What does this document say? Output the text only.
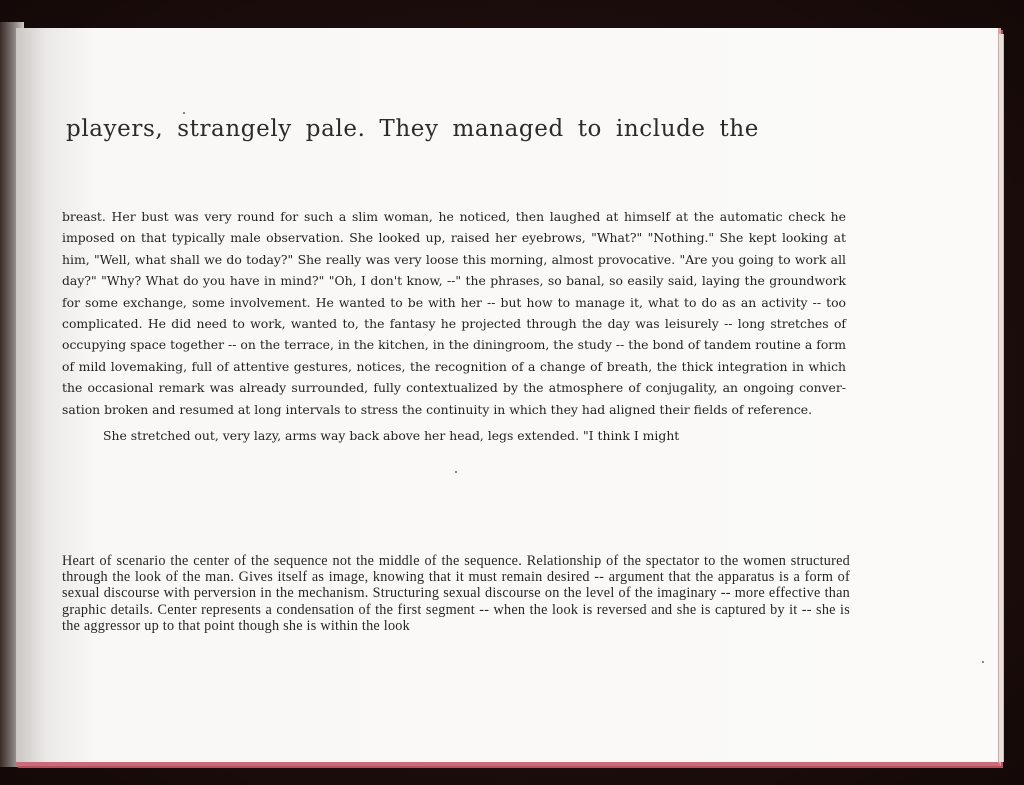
players, strangely pale. They managed to include the

breast. Her bust was very round for such a slim woman, he noticed, then laughed at himself at the automatic check he imposed on that typically male observation. She looked up, raised her eyebrows, "What?" "Nothing." She kept looking at him, "Well, what shall we do today?" She really was very loose this morning, almost provocative. "Are you going to work all day?" "Why? What do you have in mind?" "Oh, I don't know, --" the phrases, so banal, so easily said, laying the groundwork for some exchange, some involvement. He wanted to be with her -- but how to manage it, what to do as an activity -- too complicated. He did need to work, wanted to, the fantasy he projected through the day was leisurely -- long stretches of occupying space together -- on the terrace, in the kitchen, in the diningroom, the study -- the bond of tandem routine a form of mild lovemaking, full of attentive gestures, notices, the recognition of a change of breath, the thick integration in which the occasional remark was already surrounded, fully contextualized by the atmosphere of conjugality, an ongoing conver-sation broken and resumed at long intervals to stress the continuity in which they had aligned their fields of reference.

She stretched out, very lazy, arms way back above her head, legs extended. "I think I might

Heart of scenario the center of the sequence not the middle of the sequence. Relationship of the spectator to the women structured through the look of the man. Gives itself as image, knowing that it must remain desired -- argument that the apparatus is a form of sexual discourse with perversion in the mechanism. Structuring sexual discourse on the level of the imaginary -- more effective than graphic details. Center represents a condensation of the first segment -- when the look is reversed and she is captured by it -- she is the aggressor up to that point though she is within the look
